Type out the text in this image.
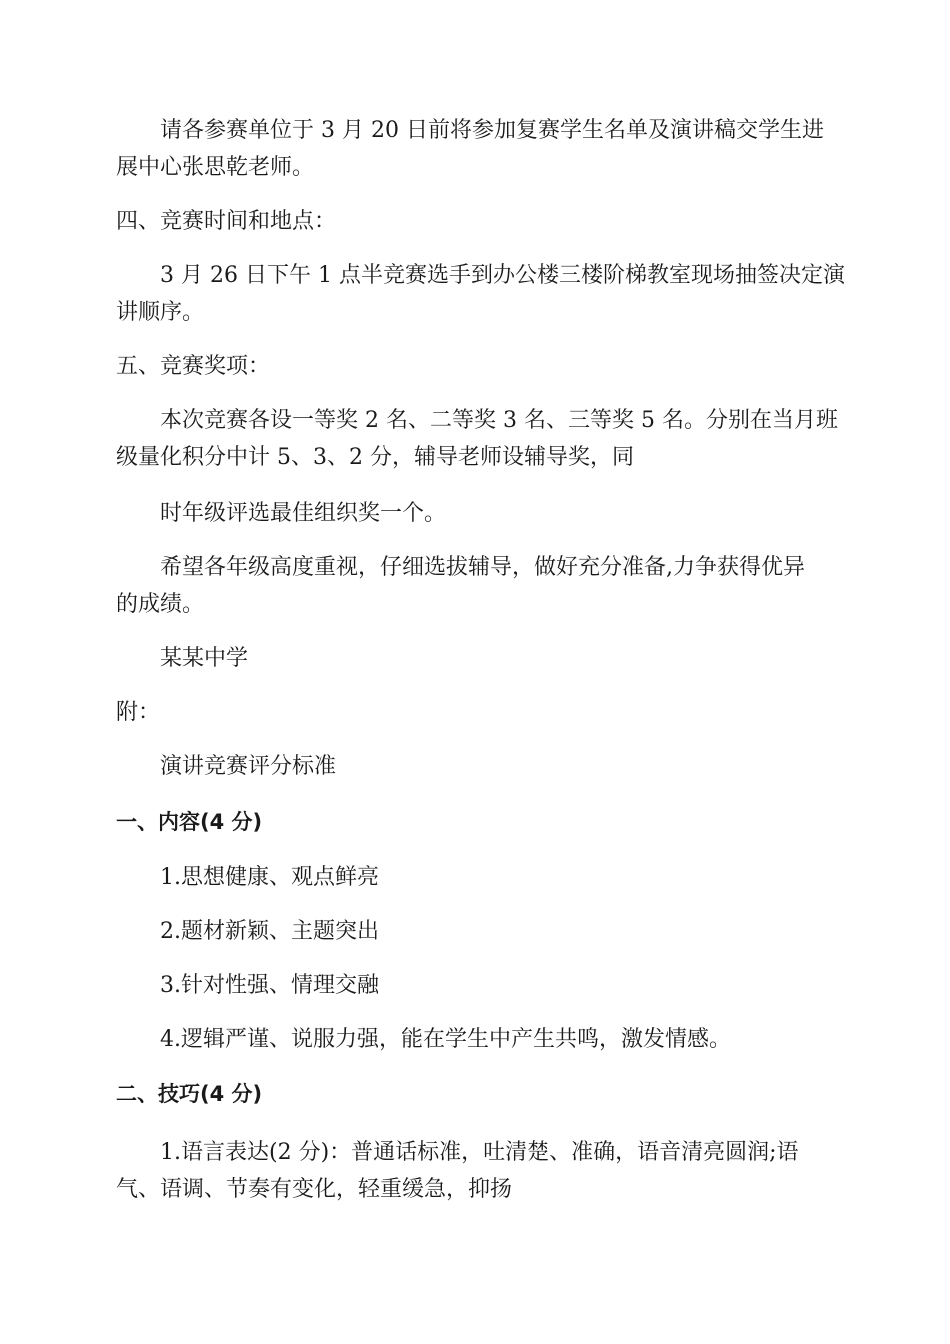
请各参赛单位于 3 月 20 日前将参加复赛学生名单及演讲稿交学生进

展中心张思乾老师。

四、竞赛时间和地点：

3 月 26 日下午 1 点半竞赛选手到办公楼三楼阶梯教室现场抽签决定演

讲顺序。

五、竞赛奖项：

本次竞赛各设一等奖 2 名、二等奖 3 名、三等奖 5 名。分别在当月班

级量化积分中计 5、3、2 分，辅导老师设辅导奖，同

时年级评选最佳组织奖一个。

希望各年级高度重视，仔细选拔辅导，做好充分准备,力争获得优异

的成绩。

某某中学

附：

演讲竞赛评分标准

一、内容(4 分)

1.思想健康、观点鲜亮

2.题材新颖、主题突出

3.针对性强、情理交融

4.逻辑严谨、说服力强，能在学生中产生共鸣，激发情感。

二、技巧(4 分)

1.语言表达(2 分)：普通话标准，吐清楚、准确，语音清亮圆润;语

气、语调、节奏有变化，轻重缓急，抑扬
